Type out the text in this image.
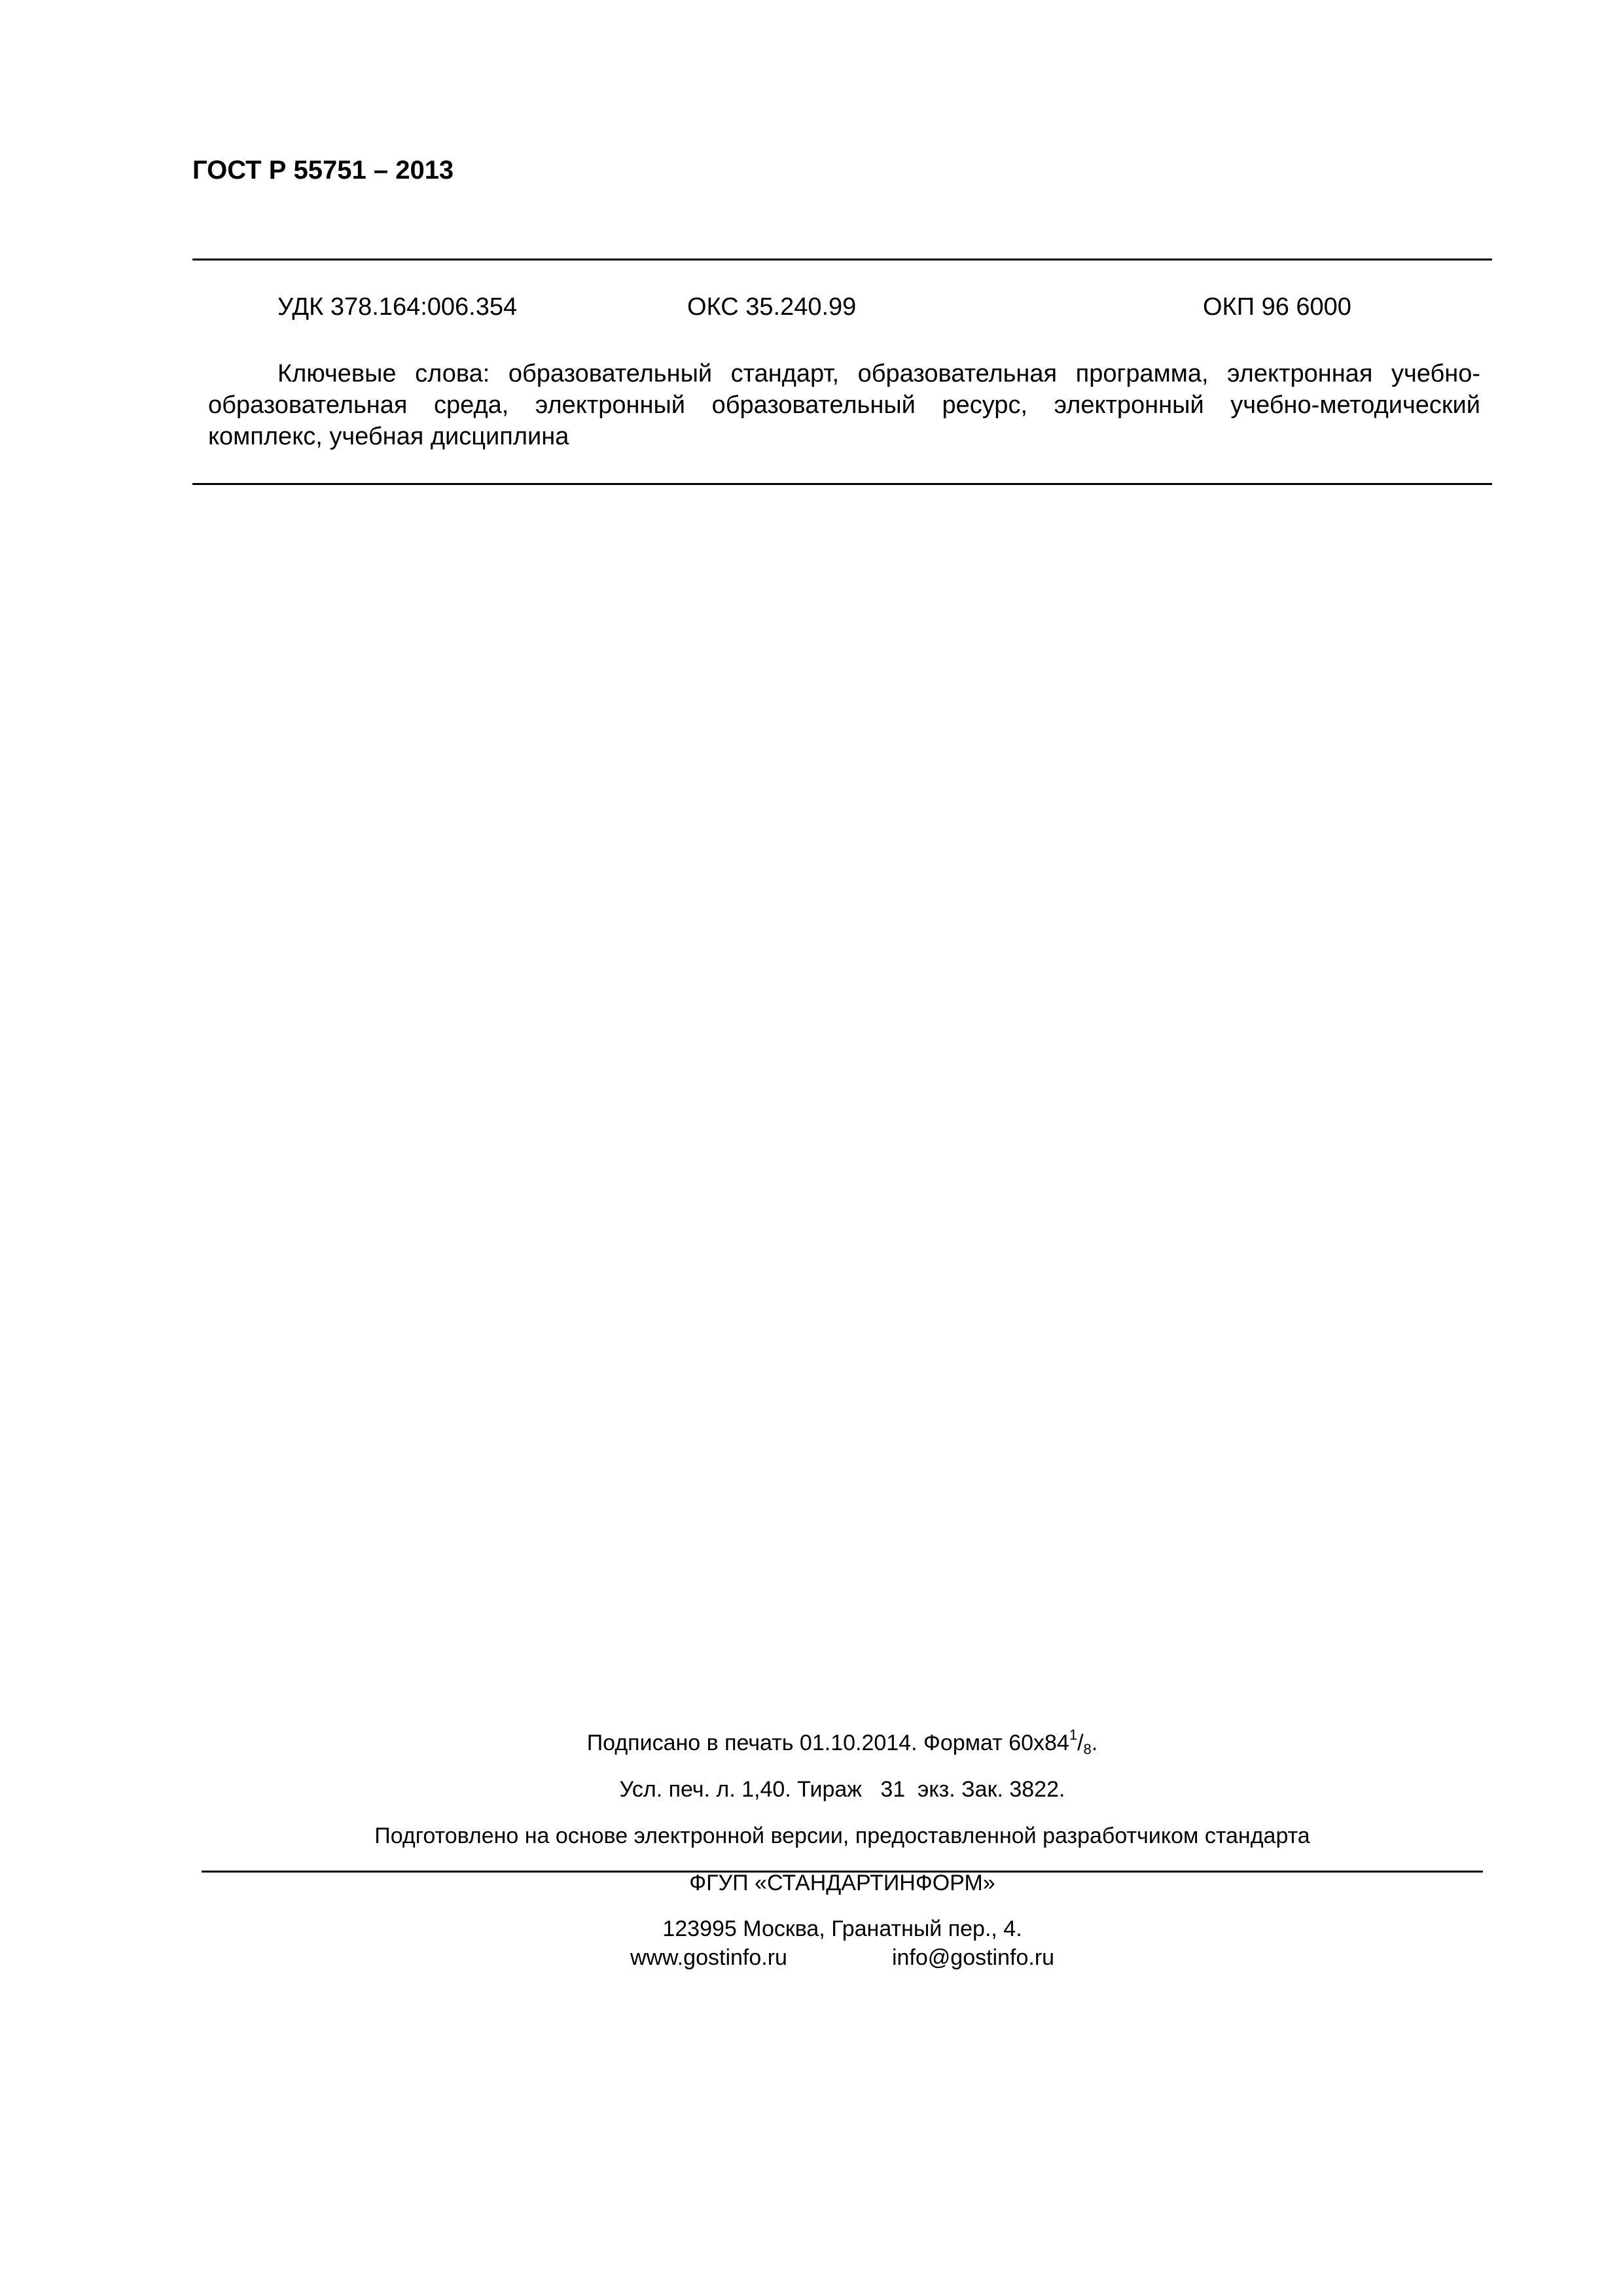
ГОСТ Р 55751 – 2013
УДК 378.164:006.354	ОКС 35.240.99	ОКП 96 6000
Ключевые слова: образовательный стандарт, образовательная программа, электронная учебно-образовательная среда, электронный образовательный ресурс, электронный учебно-методический комплекс, учебная дисциплина
Подписано в печать 01.10.2014. Формат $60х84^1/_8$.
Усл. печ. л. 1,40. Тираж   31  экз. Зак. 3822.
Подготовлено на основе электронной версии, предоставленной разработчиком стандарта
ФГУП «СТАНДАРТИНФОРМ»
123995 Москва, Гранатный пер., 4.
www.gostinfo.ru	info@gostinfo.ru
